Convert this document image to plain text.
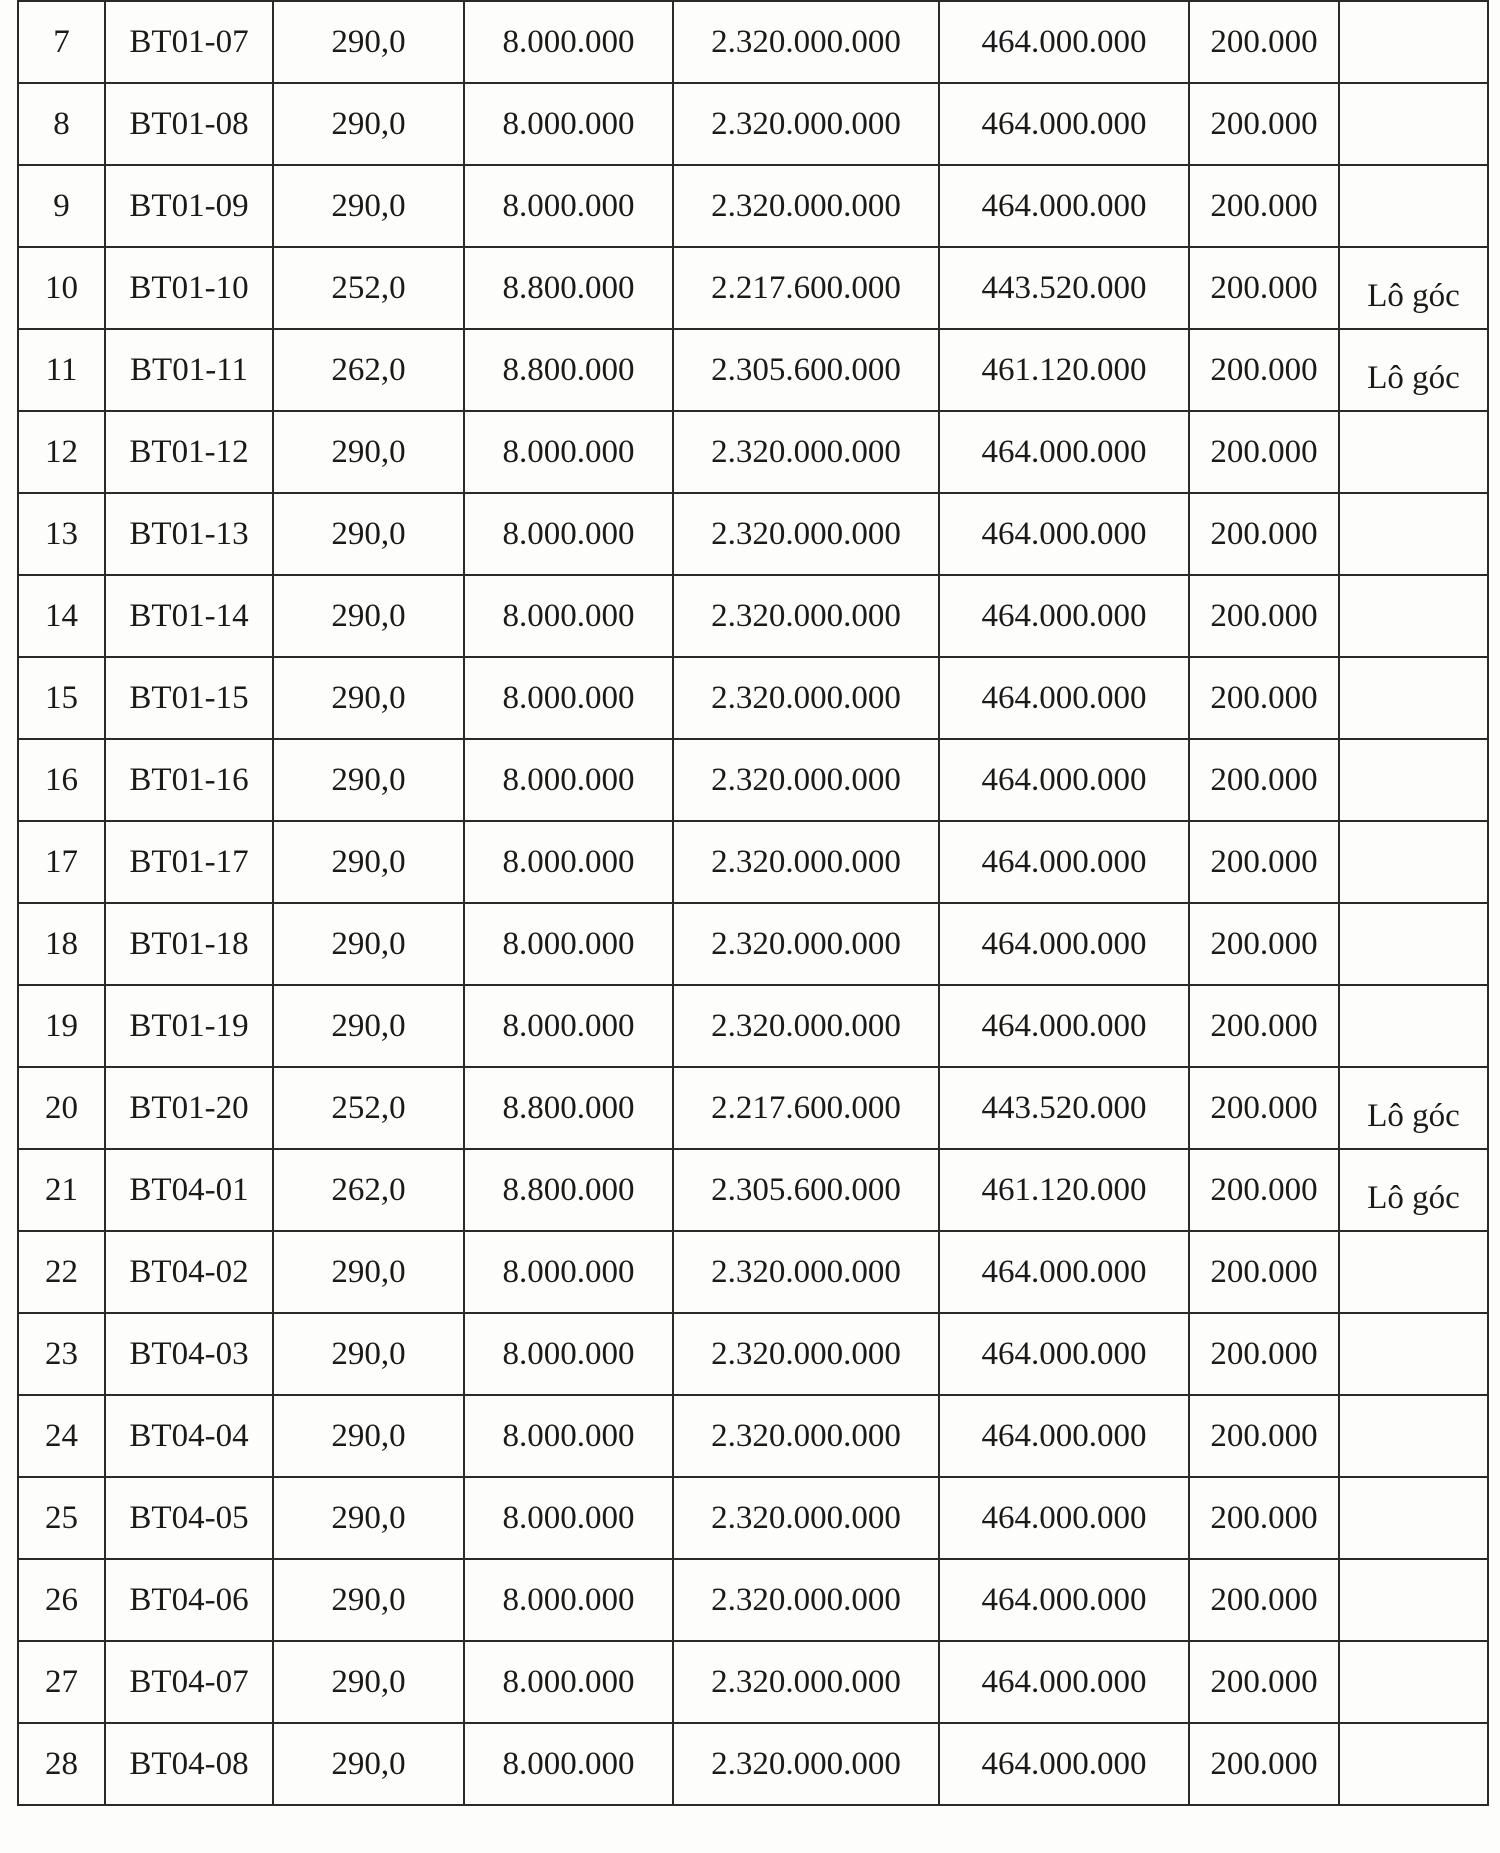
7	BT01-07	290,0	8.000.000	2.320.000.000	464.000.000	200.000	
8	BT01-08	290,0	8.000.000	2.320.000.000	464.000.000	200.000	
9	BT01-09	290,0	8.000.000	2.320.000.000	464.000.000	200.000	
10	BT01-10	252,0	8.800.000	2.217.600.000	443.520.000	200.000	Lô góc
11	BT01-11	262,0	8.800.000	2.305.600.000	461.120.000	200.000	Lô góc
12	BT01-12	290,0	8.000.000	2.320.000.000	464.000.000	200.000	
13	BT01-13	290,0	8.000.000	2.320.000.000	464.000.000	200.000	
14	BT01-14	290,0	8.000.000	2.320.000.000	464.000.000	200.000	
15	BT01-15	290,0	8.000.000	2.320.000.000	464.000.000	200.000	
16	BT01-16	290,0	8.000.000	2.320.000.000	464.000.000	200.000	
17	BT01-17	290,0	8.000.000	2.320.000.000	464.000.000	200.000	
18	BT01-18	290,0	8.000.000	2.320.000.000	464.000.000	200.000	
19	BT01-19	290,0	8.000.000	2.320.000.000	464.000.000	200.000	
20	BT01-20	252,0	8.800.000	2.217.600.000	443.520.000	200.000	Lô góc
21	BT04-01	262,0	8.800.000	2.305.600.000	461.120.000	200.000	Lô góc
22	BT04-02	290,0	8.000.000	2.320.000.000	464.000.000	200.000	
23	BT04-03	290,0	8.000.000	2.320.000.000	464.000.000	200.000	
24	BT04-04	290,0	8.000.000	2.320.000.000	464.000.000	200.000	
25	BT04-05	290,0	8.000.000	2.320.000.000	464.000.000	200.000	
26	BT04-06	290,0	8.000.000	2.320.000.000	464.000.000	200.000	
27	BT04-07	290,0	8.000.000	2.320.000.000	464.000.000	200.000	
28	BT04-08	290,0	8.000.000	2.320.000.000	464.000.000	200.000	
